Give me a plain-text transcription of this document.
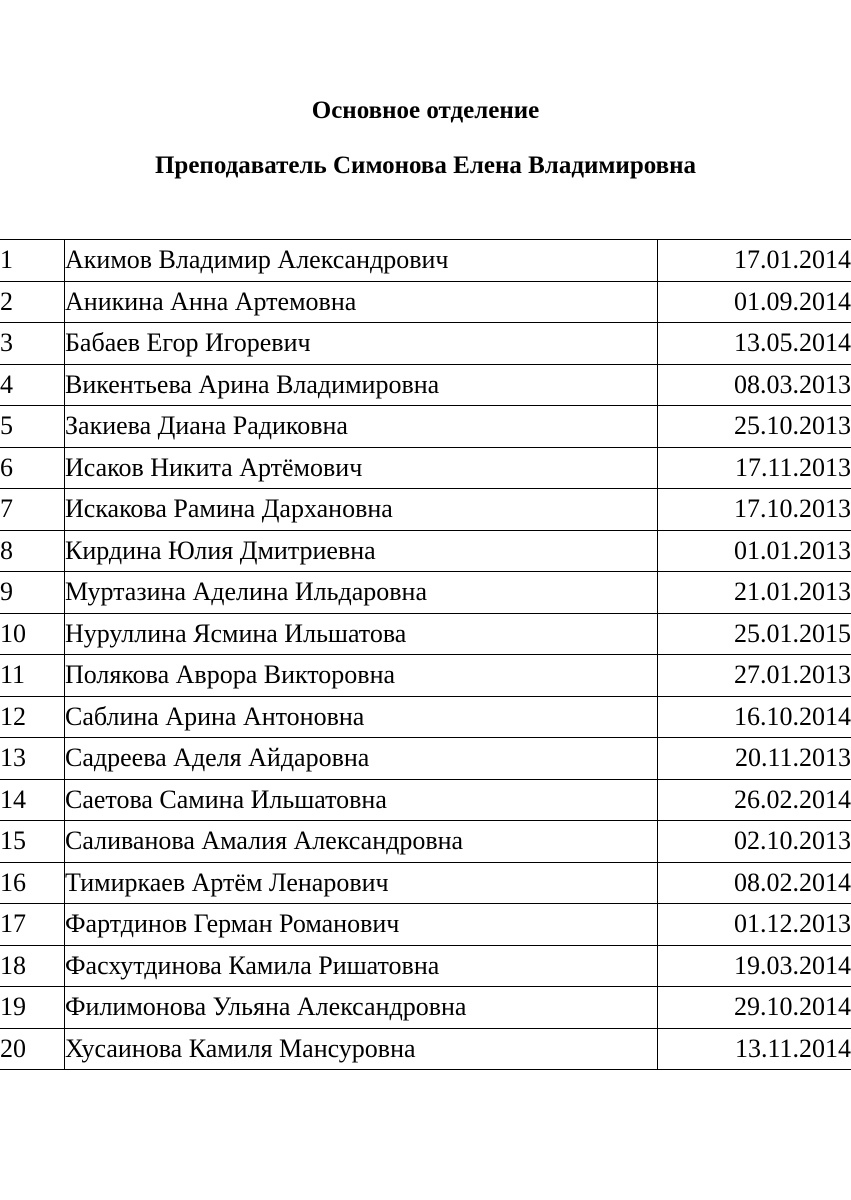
Основное отделение
Преподаватель Симонова Елена Владимировна
1	Акимов Владимир Александрович	17.01.2014
2	Аникина Анна Артемовна	01.09.2014
3	Бабаев Егор Игоревич	13.05.2014
4	Викентьева Арина Владимировна	08.03.2013
5	Закиева Диана Радиковна	25.10.2013
6	Исаков Никита Артёмович	17.11.2013
7	Искакова Рамина Дархановна	17.10.2013
8	Кирдина Юлия Дмитриевна	01.01.2013
9	Муртазина Аделина Ильдаровна	21.01.2013
10	Нуруллина Ясмина Ильшатова	25.01.2015
11	Полякова Аврора Викторовна	27.01.2013
12	Саблина Арина Антоновна	16.10.2014
13	Садреева Аделя Айдаровна	20.11.2013
14	Саетова Самина Ильшатовна	26.02.2014
15	Саливанова Амалия Александровна	02.10.2013
16	Тимиркаев Артём Ленарович	08.02.2014
17	Фартдинов Герман Романович	01.12.2013
18	Фасхутдинова Камила Ришатовна	19.03.2014
19	Филимонова Ульяна Александровна	29.10.2014
20	Хусаинова Камиля Мансуровна	13.11.2014
